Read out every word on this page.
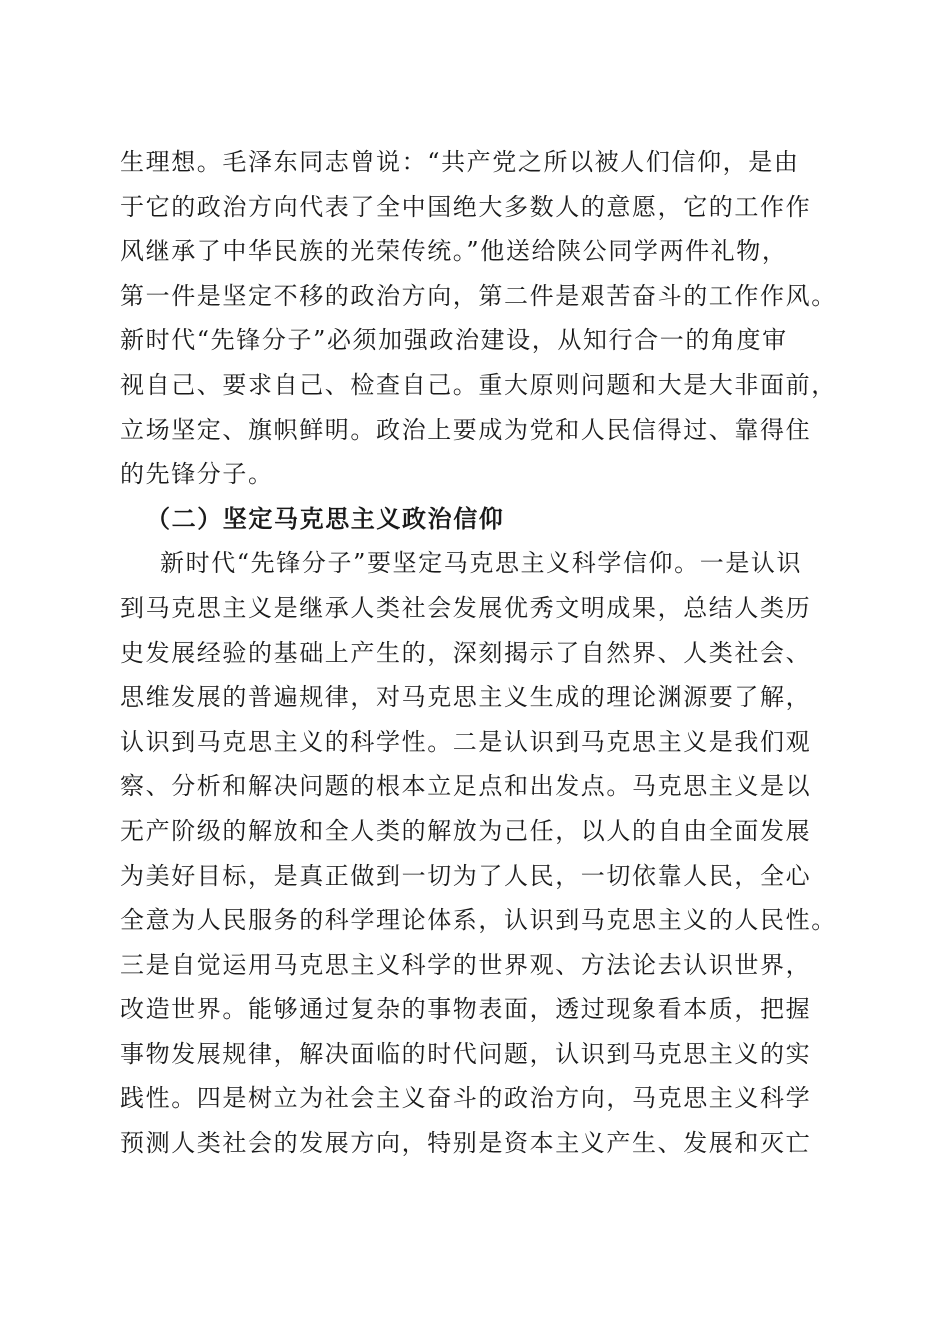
生理想。毛泽东同志曾说：“共产党之所以被人们信仰，是由
于它的政治方向代表了全中国绝大多数人的意愿，它的工作作
风继承了中华民族的光荣传统。”他送给陕公同学两件礼物，
第一件是坚定不移的政治方向，第二件是艰苦奋斗的工作作风。
新时代“先锋分子”必须加强政治建设，从知行合一的角度审
视自己、要求自己、检查自己。重大原则问题和大是大非面前，
立场坚定、旗帜鲜明。政治上要成为党和人民信得过、靠得住
的先锋分子。
（二）坚定马克思主义政治信仰
新时代“先锋分子”要坚定马克思主义科学信仰。一是认识
到马克思主义是继承人类社会发展优秀文明成果，总结人类历
史发展经验的基础上产生的，深刻揭示了自然界、人类社会、
思维发展的普遍规律，对马克思主义生成的理论渊源要了解，
认识到马克思主义的科学性。二是认识到马克思主义是我们观
察、分析和解决问题的根本立足点和出发点。马克思主义是以
无产阶级的解放和全人类的解放为己任，以人的自由全面发展
为美好目标，是真正做到一切为了人民，一切依靠人民，全心
全意为人民服务的科学理论体系，认识到马克思主义的人民性。
三是自觉运用马克思主义科学的世界观、方法论去认识世界，
改造世界。能够通过复杂的事物表面，透过现象看本质，把握
事物发展规律，解决面临的时代问题，认识到马克思主义的实
践性。四是树立为社会主义奋斗的政治方向，马克思主义科学
预测人类社会的发展方向，特别是资本主义产生、发展和灭亡
